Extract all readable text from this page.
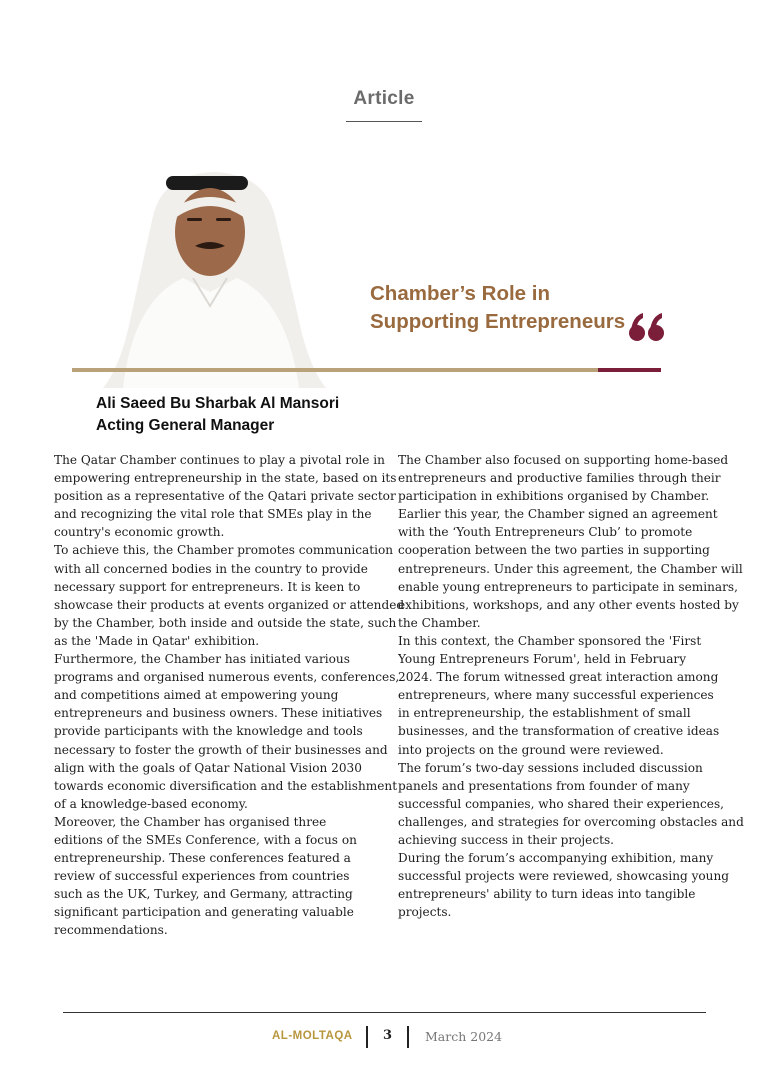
Article
Chamber’s Role in
Supporting Entrepreneurs
Ali Saeed Bu Sharbak Al Mansori
Acting General Manager

The Qatar Chamber continues to play a pivotal role in

empowering entrepreneurship in the state, based on its

position as a representative of the Qatari private sector

and recognizing the vital role that SMEs play in the

country's economic growth.

To achieve this, the Chamber promotes communication

with all concerned bodies in the country to provide

necessary support for entrepreneurs. It is keen to

showcase their products at events organized or attended

by the Chamber, both inside and outside the state, such

as the 'Made in Qatar' exhibition.

Furthermore, the Chamber has initiated various

programs and organised numerous events, conferences,

and competitions aimed at empowering young

entrepreneurs and business owners. These initiatives

provide participants with the knowledge and tools

necessary to foster the growth of their businesses and

align with the goals of Qatar National Vision 2030

towards economic diversification and the establishment

of a knowledge-based economy.

Moreover, the Chamber has organised three

editions of the SMEs Conference, with a focus on

entrepreneurship. These conferences featured a

review of successful experiences from countries

such as the UK, Turkey, and Germany, attracting

significant participation and generating valuable

recommendations.

The Chamber also focused on supporting home-based

entrepreneurs and productive families through their

participation in exhibitions organised by Chamber.

Earlier this year, the Chamber signed an agreement

with the ‘Youth Entrepreneurs Club’ to promote

cooperation between the two parties in supporting

entrepreneurs. Under this agreement, the Chamber will

enable young entrepreneurs to participate in seminars,

exhibitions, workshops, and any other events hosted by

the Chamber.

In this context, the Chamber sponsored the 'First

Young Entrepreneurs Forum', held in February

2024. The forum witnessed great interaction among

entrepreneurs, where many successful experiences

in entrepreneurship, the establishment of small

businesses, and the transformation of creative ideas

into projects on the ground were reviewed.

The forum’s two-day sessions included discussion

panels and presentations from founder of many

successful companies, who shared their experiences,

challenges, and strategies for overcoming obstacles and

achieving success in their projects.

During the forum’s accompanying exhibition, many

successful projects were reviewed, showcasing young

entrepreneurs' ability to turn ideas into tangible

projects.

AL-MOLTAQA 3	March 2024
